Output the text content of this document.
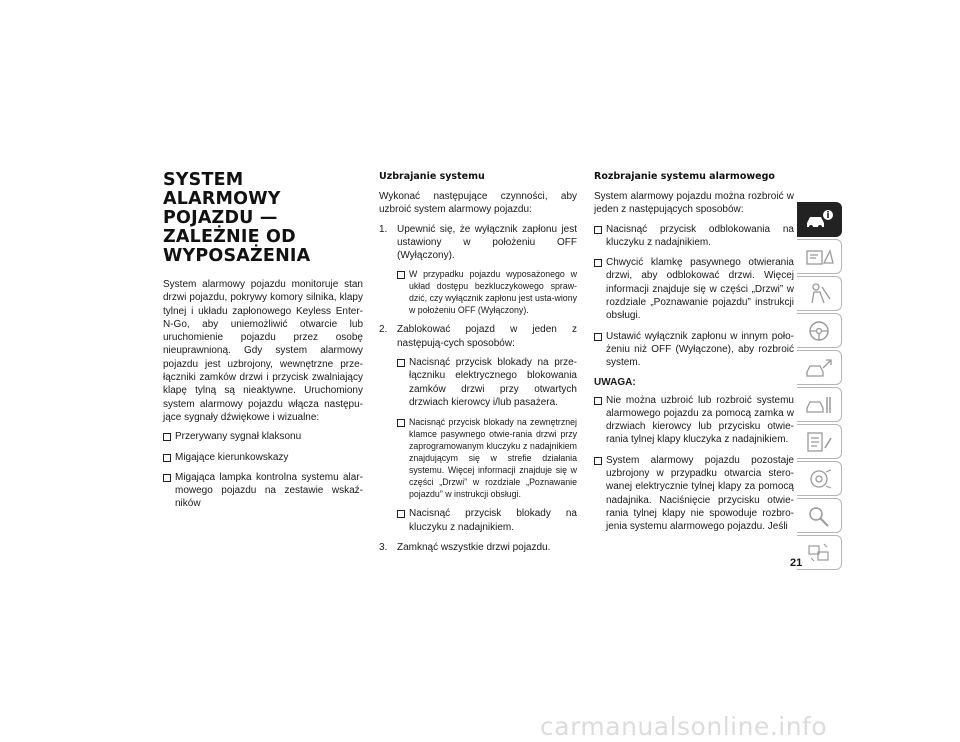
SYSTEM ALARMOWY POJAZDU — ZALEŻNIE OD WYPOSAŻENIA

System alarmowy pojazdu monitoruje stan drzwi pojazdu, pokrywy komory silnika, klapy tylnej i układu zapłonowego Keyless Enter-N-Go, aby uniemożliwić otwarcie lub uruchomienie pojazdu przez osobę nieuprawnioną. Gdy system alarmowy pojazdu jest uzbrojony, wewnętrzne prze-łączniki zamków drzwi i przycisk zwalniający klapę tylną są nieaktywne. Uruchomiony system alarmowy pojazdu włącza następu-jące sygnały dźwiękowe i wizualne:

Przerywany sygnał klaksonu
Migające kierunkowskazy
Migająca lampka kontrolna systemu alar-mowego pojazdu na zestawie wskaź-ników
Uzbrajanie systemu

Wykonać następujące czynności, aby uzbroić system alarmowy pojazdu:

1. Upewnić się, że wyłącznik zapłonu jest ustawiony w położeniu OFF (Wyłączony).
W przypadku pojazdu wyposażonego w układ dostępu bezkluczykowego spraw-dzić, czy wyłącznik zapłonu jest usta-wiony w położeniu OFF (Wyłączony).
2. Zablokować pojazd w jeden z następują-cych sposobów:
Nacisnąć przycisk blokady na prze-łączniku elektrycznego blokowania zamków drzwi przy otwartych drzwiach kierowcy i/lub pasażera.
Nacisnąć przycisk blokady na zewnętrznej klamce pasywnego otwie-rania drzwi przy zaprogramowanym kluczyku z nadajnikiem znajdującym się w strefie działania systemu. Więcej informacji znajduje się w części „Drzwi” w rozdziale „Poznawanie pojazdu” w instrukcji obsługi.
Nacisnąć przycisk blokady na kluczyku z nadajnikiem.
3. Zamknąć wszystkie drzwi pojazdu.
Rozbrajanie systemu alarmowego

System alarmowy pojazdu można rozbroić w jeden z następujących sposobów:

Nacisnąć przycisk odblokowania na kluczyku z nadajnikiem.
Chwycić klamkę pasywnego otwierania drzwi, aby odblokować drzwi. Więcej informacji znajduje się w części „Drzwi” w rozdziale „Poznawanie pojazdu” instrukcji obsługi.
Ustawić wyłącznik zapłonu w innym poło-żeniu niż OFF (Wyłączone), aby rozbroić system.
UWAGA:
Nie można uzbroić lub rozbroić systemu alarmowego pojazdu za pomocą zamka w drzwiach kierowcy lub przycisku otwie-rania tylnej klapy kluczyka z nadajnikiem.
System alarmowy pojazdu pozostaje uzbrojony w przypadku otwarcia stero-wanej elektrycznie tylnej klapy za pomocą nadajnika. Naciśnięcie przycisku otwie-rania tylnej klapy nie spowoduje rozbro-jenia systemu alarmowego pojazdu. Jeśli
21
carmanualsonline.info
